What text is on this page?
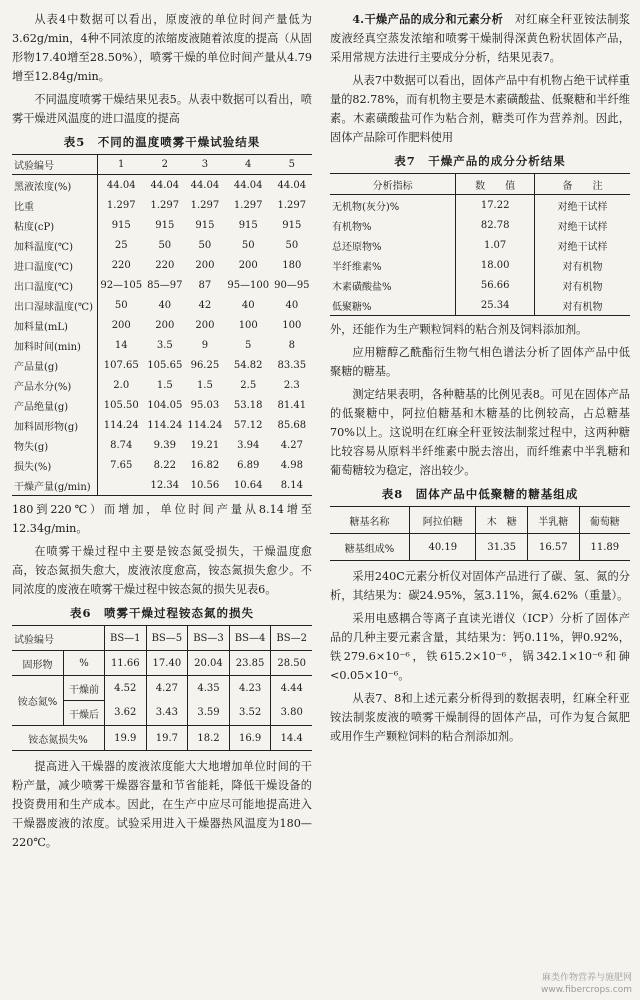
从表4中数据可以看出，原废液的单位时间产量低为3.62g/min，4种不同浓度的浓缩废液随着浓度的提高（从固形物17.40增至28.50%），喷雾干燥的单位时间产量从4.79增至12.84g/min。

不同温度喷雾干燥结果见表5。从表中数据可以看出，喷雾干燥进风温度的进口温度的提高

表5　不同的温度喷雾干燥试验结果
试验编号	1	2	3	4	5
黑液浓度(%)	44.04	44.04	44.04	44.04	44.04
比重	1.297	1.297	1.297	1.297	1.297
粘度(cP)	915	915	915	915	915
加料温度(℃)	25	50	50	50	50
进口温度(℃)	220	220	200	200	180
出口温度(℃)	92—105	85—97	87	95—100	90—95
出口湿球温度(℃)	50	40	42	40	40
加料量(mL)	200	200	200	100	100
加料时间(min)	14	3.5	9	5	8
产品量(g)	107.65	105.65	96.25	54.82	83.35
产品水分(%)	2.0	1.5	1.5	2.5	2.3
产品绝量(g)	105.50	104.05	95.03	53.18	81.41
加料固形物(g)	114.24	114.24	114.24	57.12	85.68
物失(g)	8.74	9.39	19.21	3.94	4.27
损失(%)	7.65	8.22	16.82	6.89	4.98
干燥产量(g/min)		12.34	10.56	10.64	8.14

180到220℃）而增加，单位时间产量从8.14增至12.34g/min。

在喷雾干燥过程中主要是铵态氮受损失，干燥温度愈高，铵态氮损失愈大，废液浓度愈高，铵态氮损失愈少。不同浓度的废液在喷雾干燥过程中铵态氮的损失见表6。

表6　喷雾干燥过程铵态氮的损失
试验编号		BS—1	BS—5	BS—3	BS—4	BS—2
固形物	%	11.66	17.40	20.04	23.85	28.50
铵态氮%	干燥前	4.52	4.27	4.35	4.23	4.44
	干燥后	3.62	3.43	3.59	3.52	3.80
铵态氮损失%		19.9	19.7	18.2	16.9	14.4

提高进入干燥器的废液浓度能大大地增加单位时间的干粉产量，减少喷雾干燥器容量和节省能耗，降低干燥设备的投资费用和生产成本。因此，在生产中应尽可能地提高进入干燥器废液的浓度。试验采用进入干燥器热风温度为180—220℃。

4.干燥产品的成分和元素分析　 对红麻全秆亚铵法制浆废液经真空蒸发浓缩和喷雾干燥制得深黄色粉状固体产品，采用常规方法进行主要成分分析，结果见表7。

从表7中数据可以看出，固体产品中有机物占绝干试样重量的82.78%，而有机物主要是木素磺酸盐、低聚糖和半纤维素。木素磺酸盐可作为粘合剂，糖类可作为营养剂。因此，固体产品除可作肥料使用

表7　干燥产品的成分分析结果
分析指标	数　　值	备　　注
无机物(灰分)%	17.22	对绝干试样
有机物%	82.78	对绝干试样
总还原物%	1.07	对绝干试样
半纤维素%	18.00	对有机物
木素磺酸盐%	56.66	对有机物
低聚糖%	25.34	对有机物

外，还能作为生产颗粒饲料的粘合剂及饲料添加剂。

应用糖醇乙酰酯衍生物气相色谱法分析了固体产品中低聚糖的糖基。

测定结果表明，各种糖基的比例见表8。可见在固体产品的低聚糖中，阿拉伯糖基和木糖基的比例较高，占总糖基70%以上。这说明在红麻全秆亚铵法制浆过程中，这两种糖比较容易从原料半纤维素中脱去溶出，而纤维素中半乳糖和葡萄糖较为稳定，溶出较少。

表8　固体产品中低聚糖的糖基组成
糖基名称	阿拉伯糖	木　糖	半乳糖	葡萄糖
糖基组成%	40.19	31.35	16.57	11.89

采用240C元素分析仪对固体产品进行了碳、氢、氮的分析，其结果为：碳24.95%，氢3.11%，氮4.62%（重量）。

采用电感耦合等离子直读光谱仪（ICP）分析了固体产品的几种主要元素含量，其结果为：钙0.11%，钾0.92%，铁279.6×10⁻⁶，铁615.2×10⁻⁶，锅342.1×10⁻⁶和砷<0.05×10⁻⁶。

从表7、8和上述元素分析得到的数据表明，红麻全秆亚铵法制浆废液的喷雾干燥制得的固体产品，可作为复合氮肥或用作生产颗粒饲料的粘合剂添加剂。

麻类作物营养与施肥网
www.fibercrops.com
